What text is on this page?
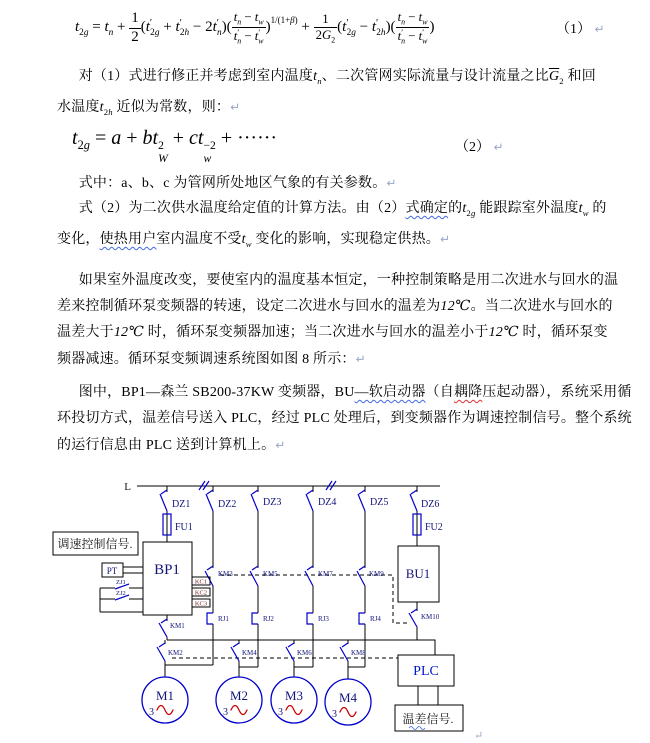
$t_{2g} = t_n + \frac{1}{2} (t'_{2g} + t'_{2h} - 2t'_n)( \frac{t_n - t_w}{t'_n - t'_w} )^{1/(1+\beta)} + \frac{1}{2\overline{G}_2} (t'_{2g} - t'_{2h})( \frac{t_n - t_w}{t'_n - t'_w}$ )	（1） ↵
对（1）式进行修正并考虑到室内温度$t_n$、二次管网实际流量与设计流量之比$\overline{G}_2$ 和回
水温度$t_{2h}$ 近似为常数，则：↵
$t_{2g} = a$ + bt 2
W
+ ct −2
w
+ ······	（2） ↵
式中：a、b、c 为管网所处地区气象的有关参数。↵
式（2）为二次供水温度给定值的计算方法。由（2）式确定的$t_{2g}$ 能跟踪室外温度$t_w$ 的
变化，使热用户室内温度不受$t_w$ 变化的影响，实现稳定供热。↵
如果室外温度改变，要使室内的温度基本恒定，一种控制策略是用二次进水与回水的温
差来控制循环泵变频器的转速，设定二次进水与回水的温差为12℃。当二次进水与回水的
温差大于12℃ 时，循环泵变频器加速；当二次进水与回水的温差小于12℃ 时，循环泵变
频器减速。循环泵变频调速系统图如图 8 所示：↵
图中，BP1—森兰 SB200-37KW 变频器，BU—软启动器（自耦降压起动器），系统采用循
环投切方式，温差信号送入 PLC，经过 PLC 处理后，到变频器作为调速控制信号。整个系统
的运行信息由 PLC 送到计算机上。↵
L
DZ1	DZ2	DZ3	DZ4	DZ5	DZ6
FU1	FU2
BP1	BU1
PLC
PT
ZJ1
ZJ2
KC1
KC2
KC3
KM1
KM3	KM5	KM7	KM9
KM10
KM2	KM4	KM6	KM8
RJ1	RJ2	RJ3	RJ4
M1	M2	M3	M4
3	3	3	3
调速控制信号.
温差信号.
↵
